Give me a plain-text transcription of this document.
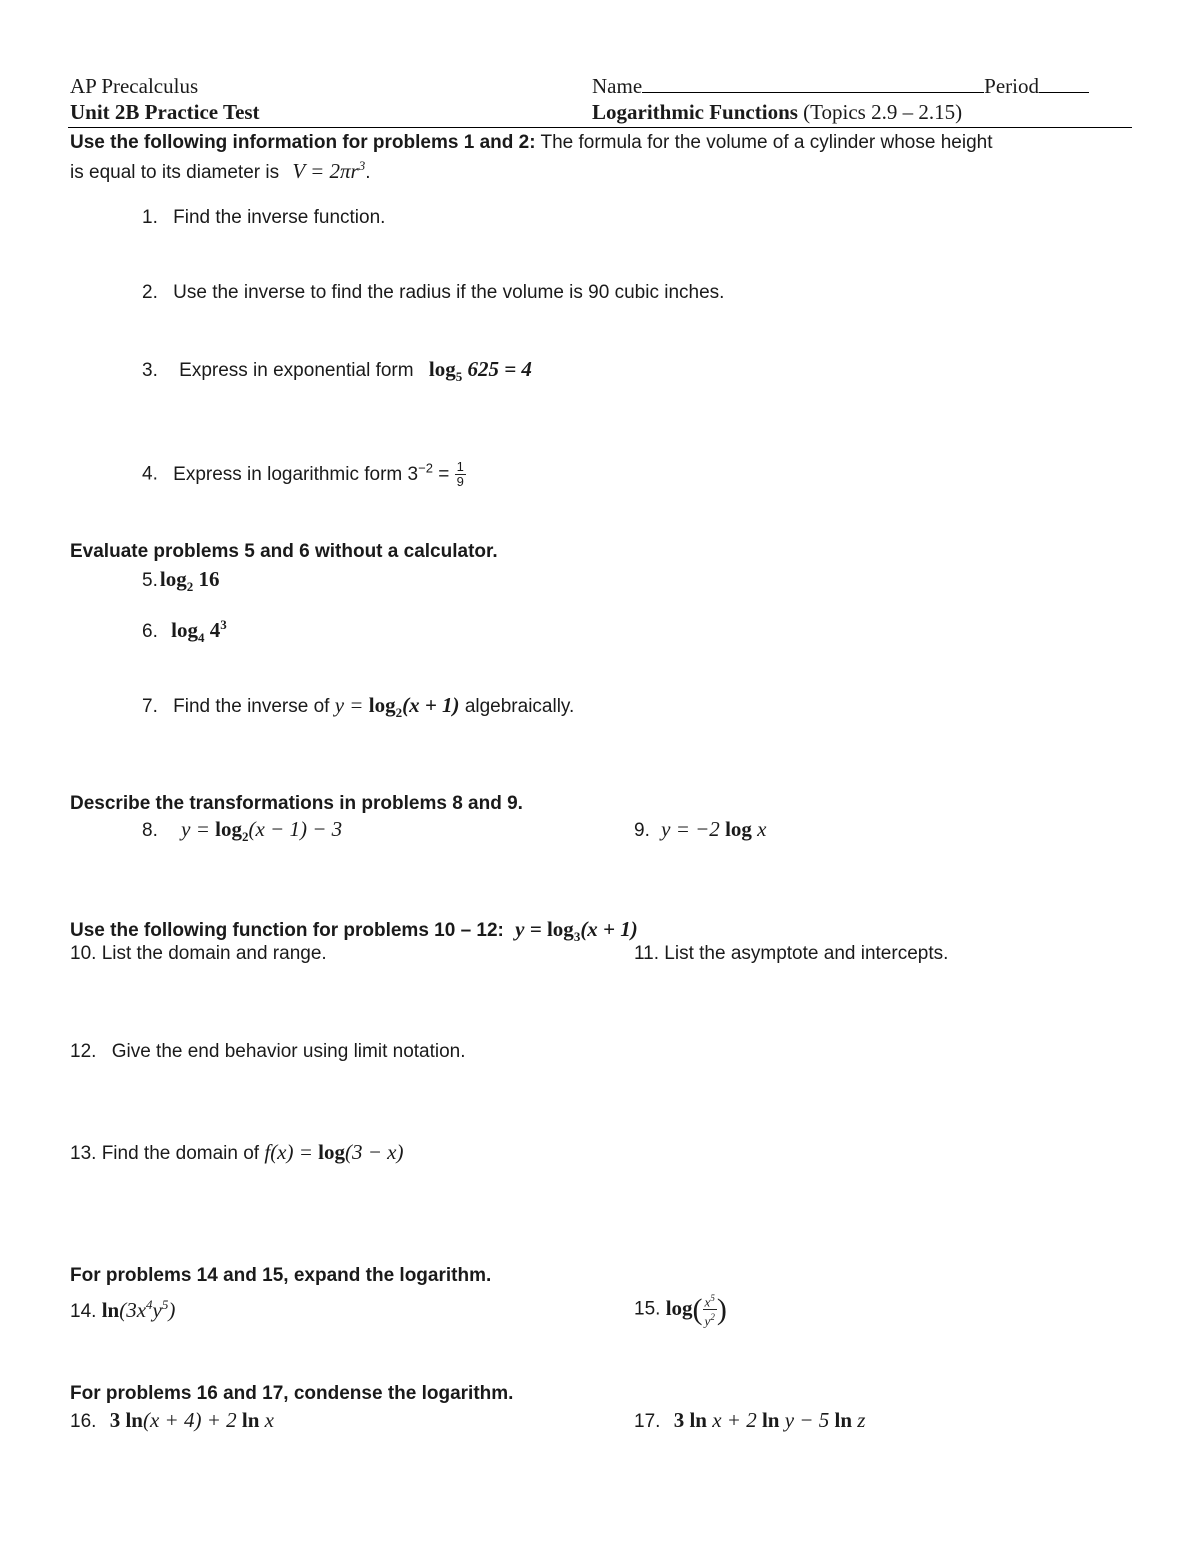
AP Precalculus
Unit 2B Practice Test
Name	Period
Logarithmic Functions (Topics 2.9 – 2.15)
Use the following information for problems 1 and 2: The formula for the volume of a cylinder whose height
is equal to its diameter is $V = 2\pi r^3$.
1. Find the inverse function.
2. Use the inverse to find the radius if the volume is 90 cubic inches.
3. Express in exponential form $\log_5 625 = 4$
4. Express in logarithmic form $3^{-2} = \frac{1}{9}$
Evaluate problems 5 and 6 without a calculator.
$5.\log_2$ 16
6. $\log_4 4^3$
7. Find the inverse of $y = \log_2(x + 1)$ algebraically.
Describe the transformations in problems 8 and 9.
8. $y = \log_2(x - 1) - 3$	9. y = −2 log x
Use the following function for problems 10 – 12: $y = \log_3(x + 1)$
10. List the domain and range.	11. List the asymptote and intercepts.
12. Give the end behavior using limit notation.
13. Find the domain of f(x) = log(3 − x)
For problems 14 and 15, expand the logarithm.
14. $\ln(3x^4y^5)$	15. $\log( \frac{x^5}{y^2}$ )
For problems 16 and 17, condense the logarithm.
16. 3 ln(x + 4) + 2 ln x	17. 3 ln x + 2 ln y − 5 ln z
